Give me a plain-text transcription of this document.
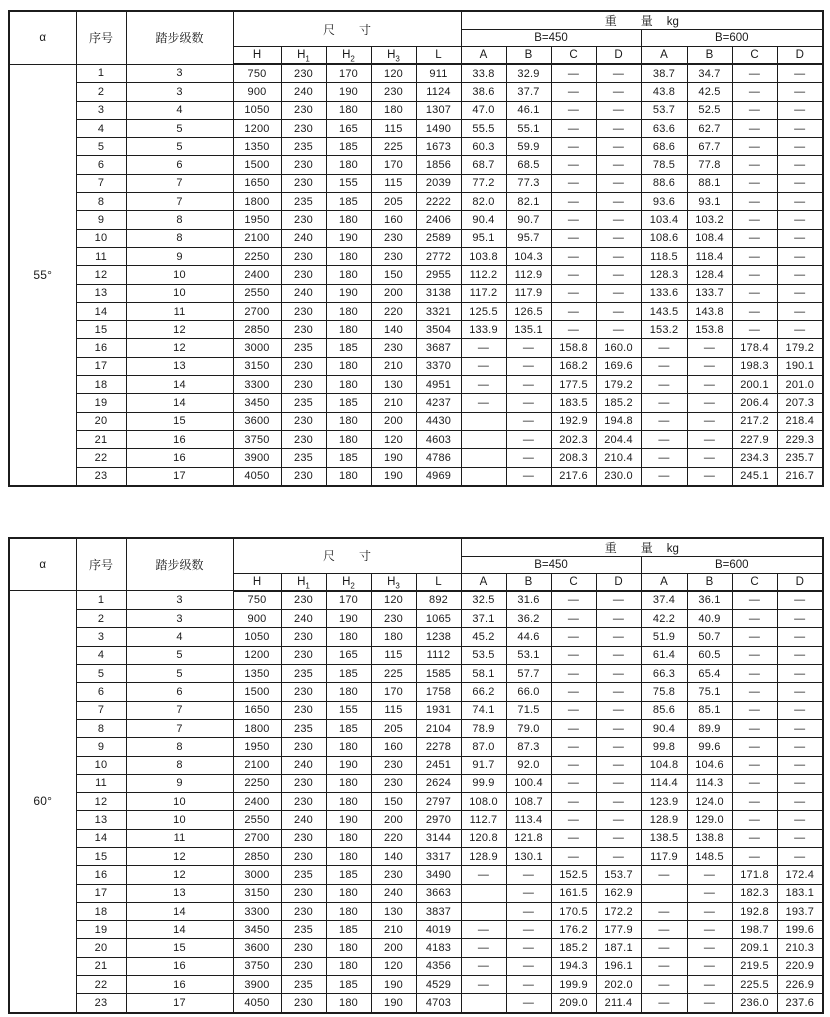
α	序号	踏步级数	尺　　寸					重　　量 kg							
								B=450				B=600			
			H	$H_1$	$H_2$	$H_3$	L	A	B	C	D	A	B	C	D
55°	1	3	750	230	170	120	911	33.8	32.9	—	—	38.7	34.7	—	—
	2	3	900	240	190	230	1124	38.6	37.7	—	—	43.8	42.5	—	—
	3	4	1050	230	180	180	1307	47.0	46.1	—	—	53.7	52.5	—	—
	4	5	1200	230	165	115	1490	55.5	55.1	—	—	63.6	62.7	—	—
	5	5	1350	235	185	225	1673	60.3	59.9	—	—	68.6	67.7	—	—
	6	6	1500	230	180	170	1856	68.7	68.5	—	—	78.5	77.8	—	—
	7	7	1650	230	155	115	2039	77.2	77.3	—	—	88.6	88.1	—	—
	8	7	1800	235	185	205	2222	82.0	82.1	—	—	93.6	93.1	—	—
	9	8	1950	230	180	160	2406	90.4	90.7	—	—	103.4	103.2	—	—
	10	8	2100	240	190	230	2589	95.1	95.7	—	—	108.6	108.4	—	—
	11	9	2250	230	180	230	2772	103.8	104.3	—	—	118.5	118.4	—	—
	12	10	2400	230	180	150	2955	112.2	112.9	—	—	128.3	128.4	—	—
	13	10	2550	240	190	200	3138	117.2	117.9	—	—	133.6	133.7	—	—
	14	11	2700	230	180	220	3321	125.5	126.5	—	—	143.5	143.8	—	—
	15	12	2850	230	180	140	3504	133.9	135.1	—	—	153.2	153.8	—	—
	16	12	3000	235	185	230	3687	—	—	158.8	160.0	—	—	178.4	179.2
	17	13	3150	230	180	210	3370	—	—	168.2	169.6	—	—	198.3	190.1
	18	14	3300	230	180	130	4951	—	—	177.5	179.2	—	—	200.1	201.0
	19	14	3450	235	185	210	4237	—	—	183.5	185.2	—	—	206.4	207.3
	20	15	3600	230	180	200	4430		—	192.9	194.8	—	—	217.2	218.4
	21	16	3750	230	180	120	4603		—	202.3	204.4	—	—	227.9	229.3
	22	16	3900	235	185	190	4786		—	208.3	210.4	—	—	234.3	235.7
	23	17	4050	230	180	190	4969		—	217.6	230.0	—	—	245.1	216.7
α	序号	踏步级数	尺　　寸					重　　量 kg							
								B=450				B=600			
			H	$H_1$	$H_2$	$H_3$	L	A	B	C	D	A	B	C	D
60°	1	3	750	230	170	120	892	32.5	31.6	—	—	37.4	36.1	—	—
	2	3	900	240	190	230	1065	37.1	36.2	—	—	42.2	40.9	—	—
	3	4	1050	230	180	180	1238	45.2	44.6	—	—	51.9	50.7	—	—
	4	5	1200	230	165	115	1112	53.5	53.1	—	—	61.4	60.5	—	—
	5	5	1350	235	185	225	1585	58.1	57.7	—	—	66.3	65.4	—	—
	6	6	1500	230	180	170	1758	66.2	66.0	—	—	75.8	75.1	—	—
	7	7	1650	230	155	115	1931	74.1	71.5	—	—	85.6	85.1	—	—
	8	7	1800	235	185	205	2104	78.9	79.0	—	—	90.4	89.9	—	—
	9	8	1950	230	180	160	2278	87.0	87.3	—	—	99.8	99.6	—	—
	10	8	2100	240	190	230	2451	91.7	92.0	—	—	104.8	104.6	—	—
	11	9	2250	230	180	230	2624	99.9	100.4	—	—	114.4	114.3	—	—
	12	10	2400	230	180	150	2797	108.0	108.7	—	—	123.9	124.0	—	—
	13	10	2550	240	190	200	2970	112.7	113.4	—	—	128.9	129.0	—	—
	14	11	2700	230	180	220	3144	120.8	121.8	—	—	138.5	138.8	—	—
	15	12	2850	230	180	140	3317	128.9	130.1	—	—	117.9	148.5	—	—
	16	12	3000	235	185	230	3490	—	—	152.5	153.7	—	—	171.8	172.4
	17	13	3150	230	180	240	3663		—	161.5	162.9		—	182.3	183.1
	18	14	3300	230	180	130	3837		—	170.5	172.2	—	—	192.8	193.7
	19	14	3450	235	185	210	4019	—	—	176.2	177.9	—	—	198.7	199.6
	20	15	3600	230	180	200	4183	—	—	185.2	187.1	—	—	209.1	210.3
	21	16	3750	230	180	120	4356	—	—	194.3	196.1	—	—	219.5	220.9
	22	16	3900	235	185	190	4529	—	—	199.9	202.0	—	—	225.5	226.9
	23	17	4050	230	180	190	4703		—	209.0	211.4	—	—	236.0	237.6
